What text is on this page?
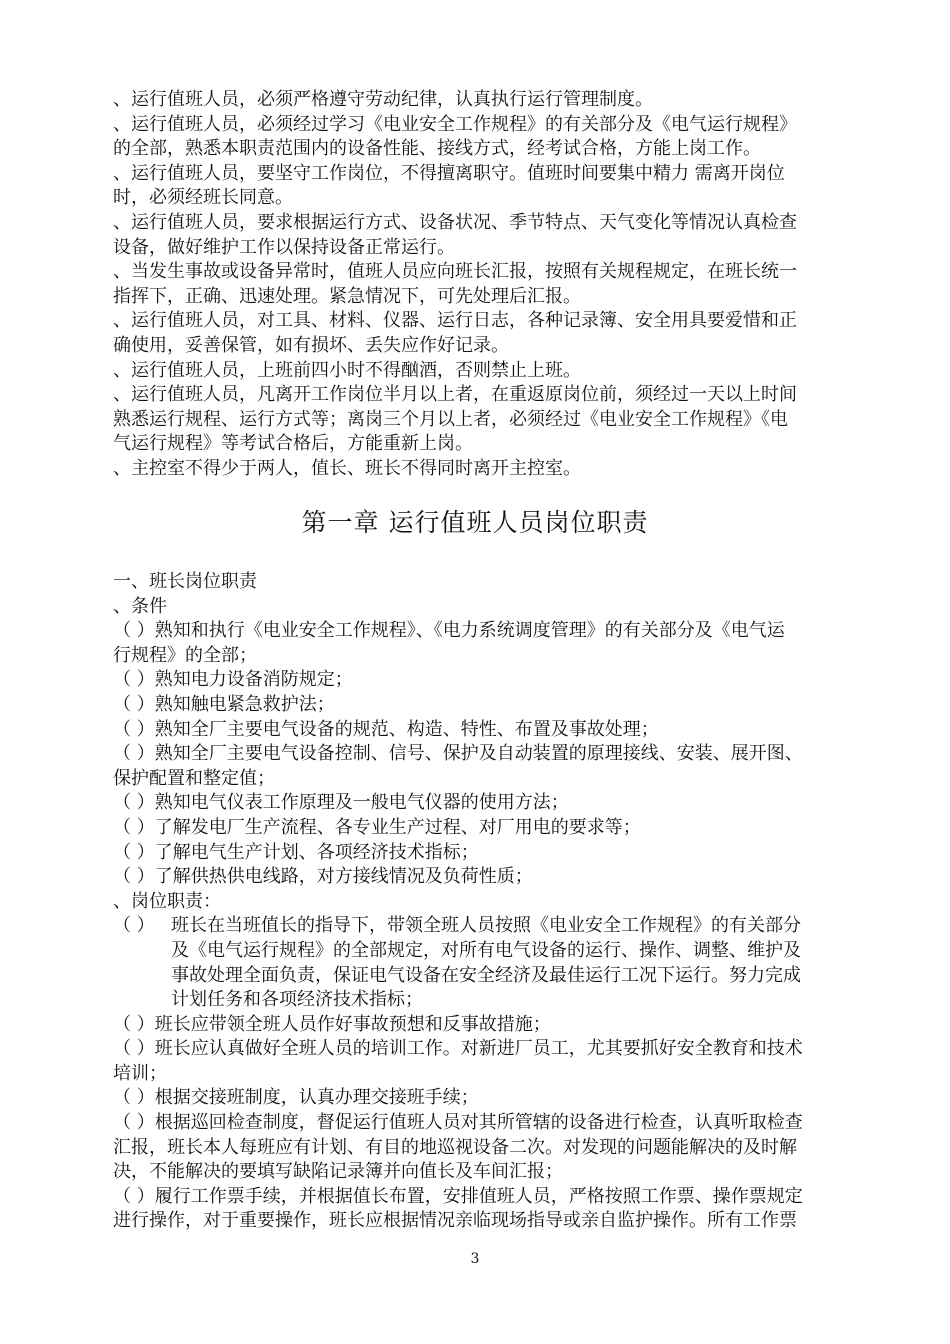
、运行值班人员，必须严格遵守劳动纪律，认真执行运行管理制度。
、运行值班人员，必须经过学习《电业安全工作规程》的有关部分及《电气运行规程》
的全部，熟悉本职责范围内的设备性能、接线方式，经考试合格，方能上岗工作。
、运行值班人员，要坚守工作岗位，不得擅离职守。值班时间要集中精力 需离开岗位
时，必须经班长同意。
、运行值班人员，要求根据运行方式、设备状况、季节特点、天气变化等情况认真检查
设备，做好维护工作以保持设备正常运行。
、当发生事故或设备异常时，值班人员应向班长汇报，按照有关规程规定，在班长统一
指挥下，正确、迅速处理。紧急情况下，可先处理后汇报。
、运行值班人员，对工具、材料、仪器、运行日志，各种记录簿、安全用具要爱惜和正
确使用，妥善保管，如有损坏、丢失应作好记录。
、运行值班人员，上班前四小时不得酗酒，否则禁止上班。
、运行值班人员，凡离开工作岗位半月以上者，在重返原岗位前，须经过一天以上时间
熟悉运行规程、运行方式等；离岗三个月以上者，必须经过《电业安全工作规程》《电
气运行规程》等考试合格后，方能重新上岗。
、主控室不得少于两人，值长、班长不得同时离开主控室。
第一章 运行值班人员岗位职责
一、班长岗位职责
、条件
（ ）熟知和执行《电业安全工作规程》、《电力系统调度管理》的有关部分及《电气运
行规程》的全部；
（ ）熟知电力设备消防规定；
（ ）熟知触电紧急救护法；
（ ）熟知全厂主要电气设备的规范、构造、特性、布置及事故处理；
（ ）熟知全厂主要电气设备控制、信号、保护及自动装置的原理接线、安装、展开图、
保护配置和整定值；
（ ）熟知电气仪表工作原理及一般电气仪器的使用方法；
（ ）了解发电厂生产流程、各专业生产过程、对厂用电的要求等；
（ ）了解电气生产计划、各项经济技术指标；
（ ）了解供热供电线路，对方接线情况及负荷性质；
、岗位职责：
（ ） 班长在当班值长的指导下，带领全班人员按照《电业安全工作规程》的有关部分
及《电气运行规程》的全部规定，对所有电气设备的运行、操作、调整、维护及
事故处理全面负责，保证电气设备在安全经济及最佳运行工况下运行。努力完成
计划任务和各项经济技术指标；
（ ）班长应带领全班人员作好事故预想和反事故措施；
（ ）班长应认真做好全班人员的培训工作。对新进厂员工，尤其要抓好安全教育和技术
培训；
（ ）根据交接班制度，认真办理交接班手续；
（ ）根据巡回检查制度，督促运行值班人员对其所管辖的设备进行检查，认真听取检查
汇报，班长本人每班应有计划、有目的地巡视设备二次。对发现的问题能解决的及时解
决，不能解决的要填写缺陷记录簿并向值长及车间汇报；
（ ）履行工作票手续，并根据值长布置，安排值班人员，严格按照工作票、操作票规定
进行操作，对于重要操作，班长应根据情况亲临现场指导或亲自监护操作。所有工作票
3
